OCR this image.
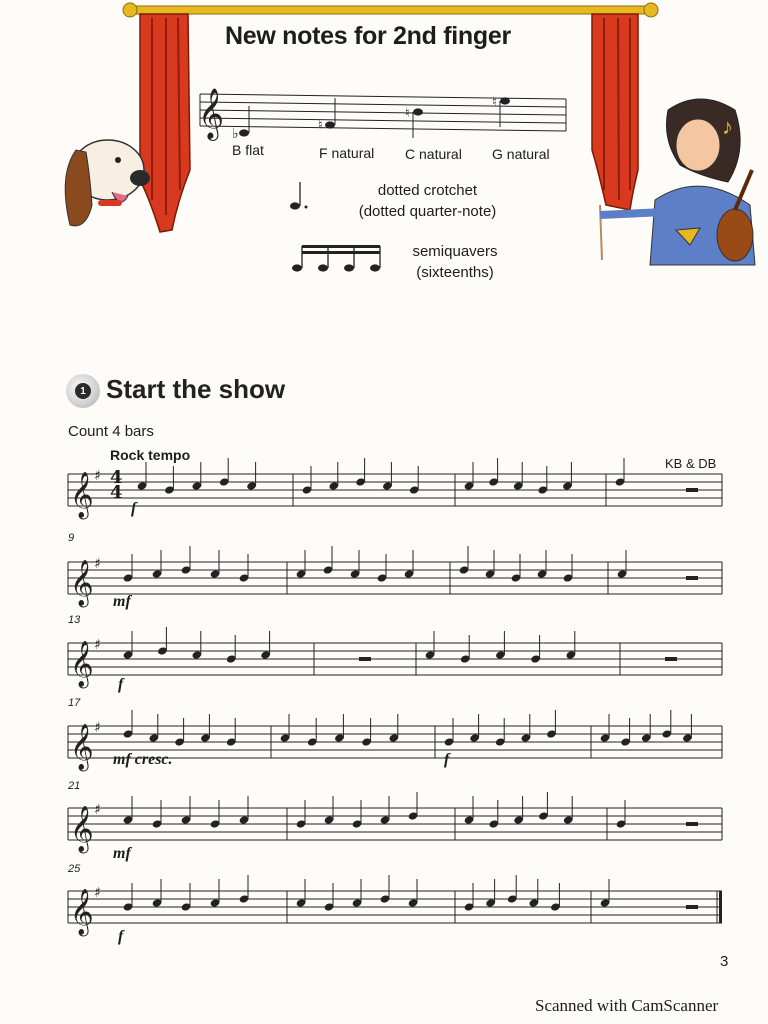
♪
𝄞 ♭
♮
♮
♮
𝄞 ♯
𝄞 ♯
𝄞 ♯
𝄞 ♯
𝄞 ♯
𝄞 ♯
New notes for 2nd finger
B flat	F natural C natural G natural
dotted crotchet
(dotted quarter-note)
semiquavers
(sixteenths)
1 Start the show
Count 4 bars
Rock tempo
KB & DB
4
4
9
13
17
21
25
f
mf
f
mf cresc.	f
mf
f
3
Scanned with CamScanner
